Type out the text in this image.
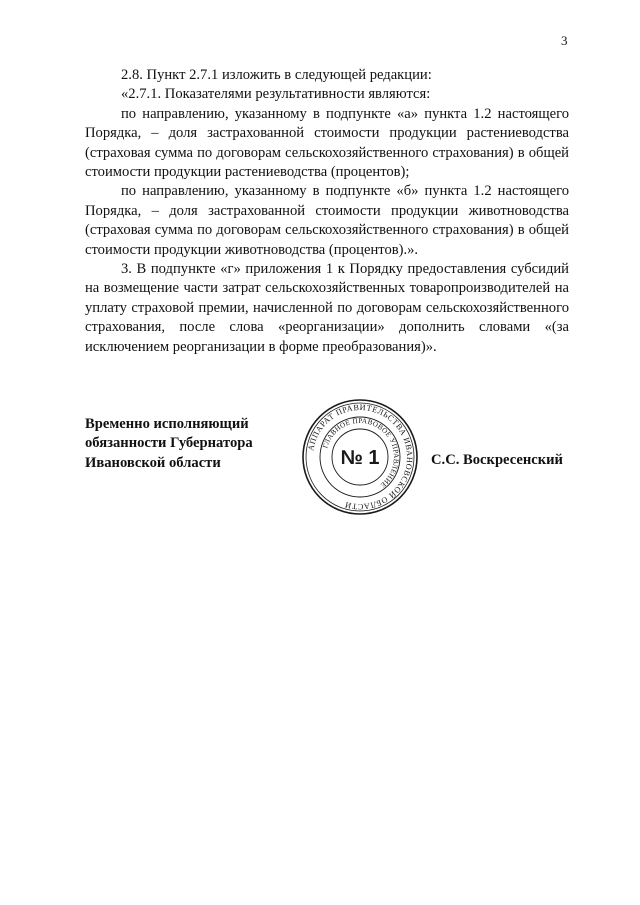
3

2.8. Пункт 2.7.1 изложить в следующей редакции:

«2.7.1. Показателями результативности являются:

по направлению, указанному в подпункте «а» пункта 1.2 настоящего Порядка, – доля застрахованной стоимости продукции растениеводства (страховая сумма по договорам сельскохозяйственного страхования) в общей стоимости продукции растениеводства (процентов);

по направлению, указанному в подпункте «б» пункта 1.2 настоящего Порядка, – доля застрахованной стоимости продукции животноводства (страховая сумма по договорам сельскохозяйственного страхования) в общей стоимости продукции животноводства (процентов).».

3. В подпункте «г» приложения 1 к Порядку предоставления субсидий на возмещение части затрат сельскохозяйственных товаропроизводителей на уплату страховой премии, начисленной по договорам сельскохозяйственного страхования, после слова «реорганизации» дополнить словами «(за исключением реорганизации в форме преобразования)».

Временно исполняющий
обязанности Губернатора
Ивановской области
АППАРАТ ПРАВИТЕЛЬСТВА ИВАНОВСКОЙ ОБЛАСТИ
ГЛАВНОЕ ПРАВОВОЕ УПРАВЛЕНИЕ
№ 1	С.С. Воскресенский
